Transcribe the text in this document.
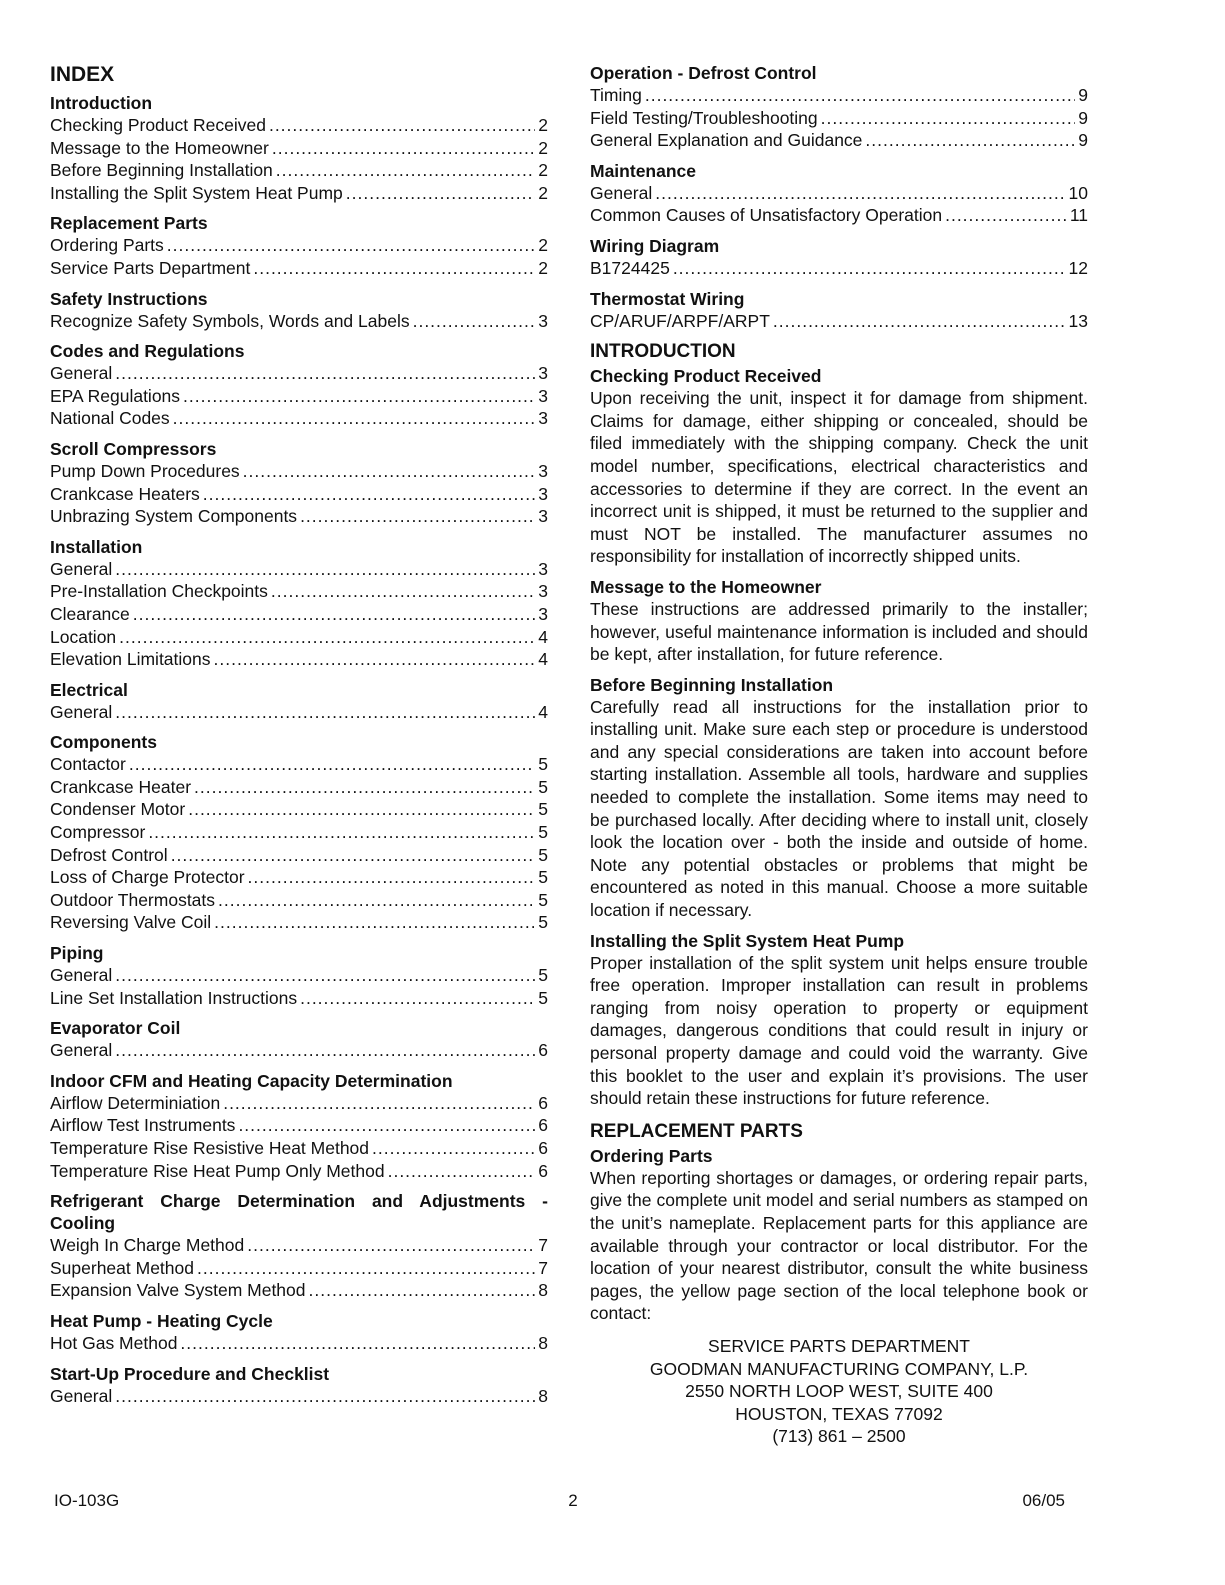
INDEX
Introduction
Checking Product Received .....	2
Message to the Homeowner .....	2
Before Beginning Installation .....	2
Installing the Split System Heat Pump .....	2
Replacement Parts
Ordering Parts .....	2
Service Parts Department .....	2
Safety Instructions
Recognize Safety Symbols, Words and Labels .....	3
Codes and Regulations
General .....	3
EPA Regulations .....	3
National Codes .....	3
Scroll Compressors
Pump Down Procedures .....	3
Crankcase Heaters .....	3
Unbrazing System Components .....	3
Installation
General .....	3
Pre-Installation Checkpoints .....	3
Clearance .....	3
Location .....	4
Elevation Limitations .....	4
Electrical
General .....	4
Components
Contactor .....	5
Crankcase Heater .....	5
Condenser Motor .....	5
Compressor .....	5
Defrost Control .....	5
Loss of Charge Protector .....	5
Outdoor Thermostats .....	5
Reversing Valve Coil .....	5
Piping
General .....	5
Line Set Installation Instructions .....	5
Evaporator Coil
General .....	6
Indoor CFM and Heating Capacity Determination
Airflow Determiniation .....	6
Airflow Test Instruments .....	6
Temperature Rise Resistive Heat Method .....	6
Temperature Rise Heat Pump Only Method .....	6
Refrigerant Charge Determination and Adjustments - Cooling
Weigh In Charge Method .....	7
Superheat Method .....	7
Expansion Valve System Method .....	8
Heat Pump - Heating Cycle
Hot Gas Method .....	8
Start-Up Procedure and Checklist
General .....	8
Operation - Defrost Control
Timing .....	9
Field Testing/Troubleshooting .....	9
General Explanation and Guidance .....	9
Maintenance
General .....	10
Common Causes of Unsatisfactory Operation .....	11
Wiring Diagram
B1724425 .....	12
Thermostat Wiring
CP/ARUF/ARPF/ARPT .....	13
INTRODUCTION
Checking Product Received

Upon receiving the unit, inspect it for damage from shipment. Claims for damage, either shipping or concealed, should be filed immediately with the shipping company. Check the unit model number, specifications, electrical characteristics and accessories to determine if they are correct. In the event an incorrect unit is shipped, it must be returned to the supplier and must NOT be installed. The manufacturer assumes no responsibility for installation of incorrectly shipped units.

Message to the Homeowner

These instructions are addressed primarily to the installer; however, useful maintenance information is included and should be kept, after installation, for future reference.

Before Beginning Installation

Carefully read all instructions for the installation prior to installing unit. Make sure each step or procedure is understood and any special considerations are taken into account before starting installation. Assemble all tools, hardware and supplies needed to complete the installation. Some items may need to be purchased locally. After deciding where to install unit, closely look the location over - both the inside and outside of home. Note any potential obstacles or problems that might be encountered as noted in this manual. Choose a more suitable location if necessary.

Installing the Split System Heat Pump

Proper installation of the split system unit helps ensure trouble free operation. Improper installation can result in problems ranging from noisy operation to property or equipment damages, dangerous conditions that could result in injury or personal property damage and could void the warranty. Give this booklet to the user and explain it’s provisions. The user should retain these instructions for future reference.

REPLACEMENT PARTS
Ordering Parts

When reporting shortages or damages, or ordering repair parts, give the complete unit model and serial numbers as stamped on the unit’s nameplate. Replacement parts for this appliance are available through your contractor or local distributor. For the location of your nearest distributor, consult the white business pages, the yellow page section of the local telephone book or contact:

SERVICE PARTS DEPARTMENT
GOODMAN MANUFACTURING COMPANY, L.P.
2550 NORTH LOOP WEST, SUITE 400
HOUSTON, TEXAS 77092
(713) 861 – 2500
IO-103G	2	06/05
